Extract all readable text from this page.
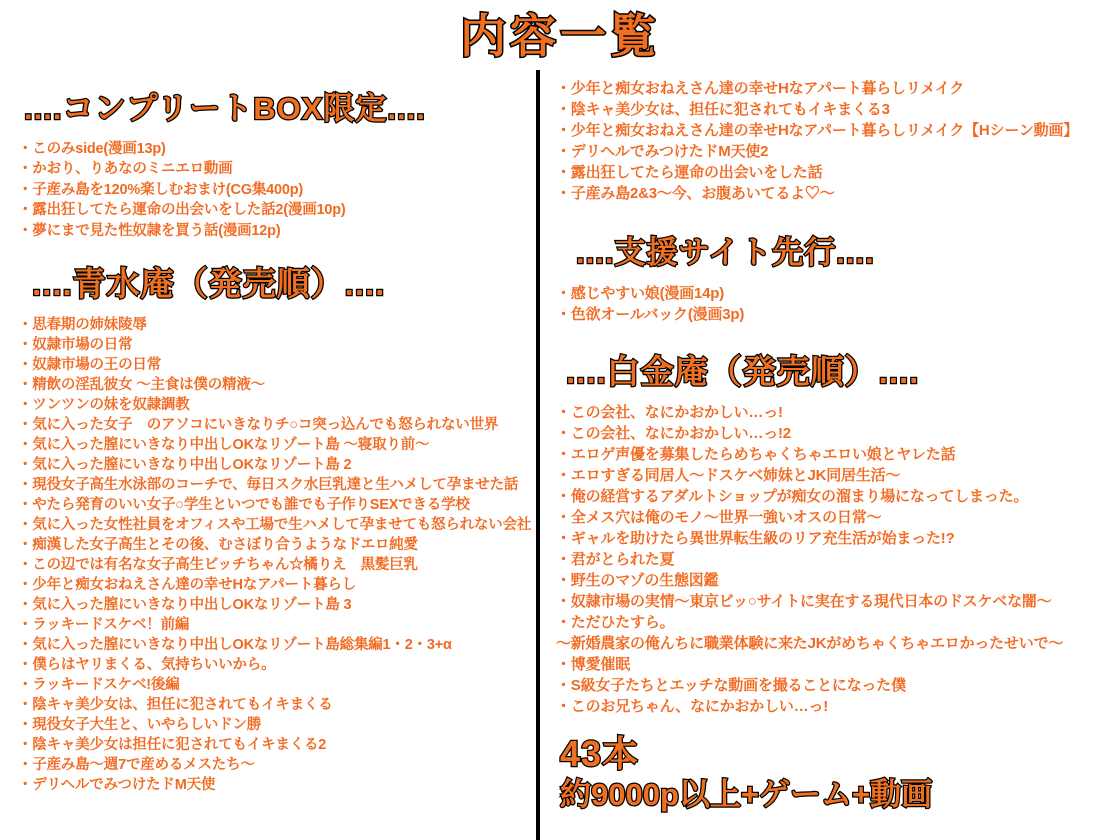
内容一覧
....コンプリートBOX限定....
・このみside(漫画13p)
・かおり、りあなのミニエロ動画
・子産み島を120%楽しむおまけ(CG集400p)
・露出狂してたら運命の出会いをした話2(漫画10p)
・夢にまで見た性奴隷を買う話(漫画12p)
....青水庵（発売順）....
・思春期の姉妹陵辱
・奴隷市場の日常
・奴隷市場の王の日常
・精飲の淫乱彼女 ～主食は僕の精液～
・ツンツンの妹を奴隷調教
・気に入った女子　のアソコにいきなりチ○コ突っ込んでも怒られない世界
・気に入った膣にいきなり中出しOKなリゾート島 ～寝取り前～
・気に入った膣にいきなり中出しOKなリゾート島 2
・現役女子高生水泳部のコーチで、毎日スク水巨乳達と生ハメして孕ませた話
・やたら発育のいい女子○学生といつでも誰でも子作りSEXできる学校
・気に入った女性社員をオフィスや工場で生ハメして孕ませても怒られない会社
・痴漢した女子高生とその後、むさぼり合うようなドエロ純愛
・この辺では有名な女子高生ビッチちゃん☆橘りえ　黒髪巨乳
・少年と痴女おねえさん達の幸せHなアパート暮らし
・気に入った膣にいきなり中出しOKなリゾート島 3
・ラッキードスケベ！前編
・気に入った膣にいきなり中出しOKなリゾート島総集編1・2・3+α
・僕らはヤリまくる、気持ちいいから。
・ラッキードスケベ!後編
・陰キャ美少女は、担任に犯されてもイキまくる
・現役女子大生と、いやらしいドン勝
・陰キャ美少女は担任に犯されてもイキまくる2
・子産み島～週7で産めるメスたち～
・デリヘルでみつけたドM天使
・少年と痴女おねえさん達の幸せHなアパート暮らしリメイク
・陰キャ美少女は、担任に犯されてもイキまくる3
・少年と痴女おねえさん達の幸せHなアパート暮らしリメイク【Hシーン動画】
・デリヘルでみつけたドM天使2
・露出狂してたら運命の出会いをした話
・子産み島2&3～今、お腹あいてるよ♡～
....支援サイト先行....
・感じやすい娘(漫画14p)
・色欲オールバック(漫画3p)
....白金庵（発売順）....
・この会社、なにかおかしい…っ!
・この会社、なにかおかしい…っ!2
・エロゲ声優を募集したらめちゃくちゃエロい娘とヤレた話
・エロすぎる同居人～ドスケベ姉妹とJK同居生活～
・俺の経営するアダルトショップが痴女の溜まり場になってしまった。
・全メス穴は俺のモノ～世界一強いオスの日常～
・ギャルを助けたら異世界転生級のリア充生活が始まった!?
・君がとられた夏
・野生のマゾの生態図鑑
・奴隷市場の実情～東京ビッ○サイトに実在する現代日本のドスケベな闇～
・ただひたすら。
～新婚農家の俺んちに職業体験に来たJKがめちゃくちゃエロかったせいで～
・博愛催眠
・S級女子たちとエッチな動画を撮ることになった僕
・このお兄ちゃん、なにかおかしい…っ!
43本
約9000p以上+ゲーム+動画
